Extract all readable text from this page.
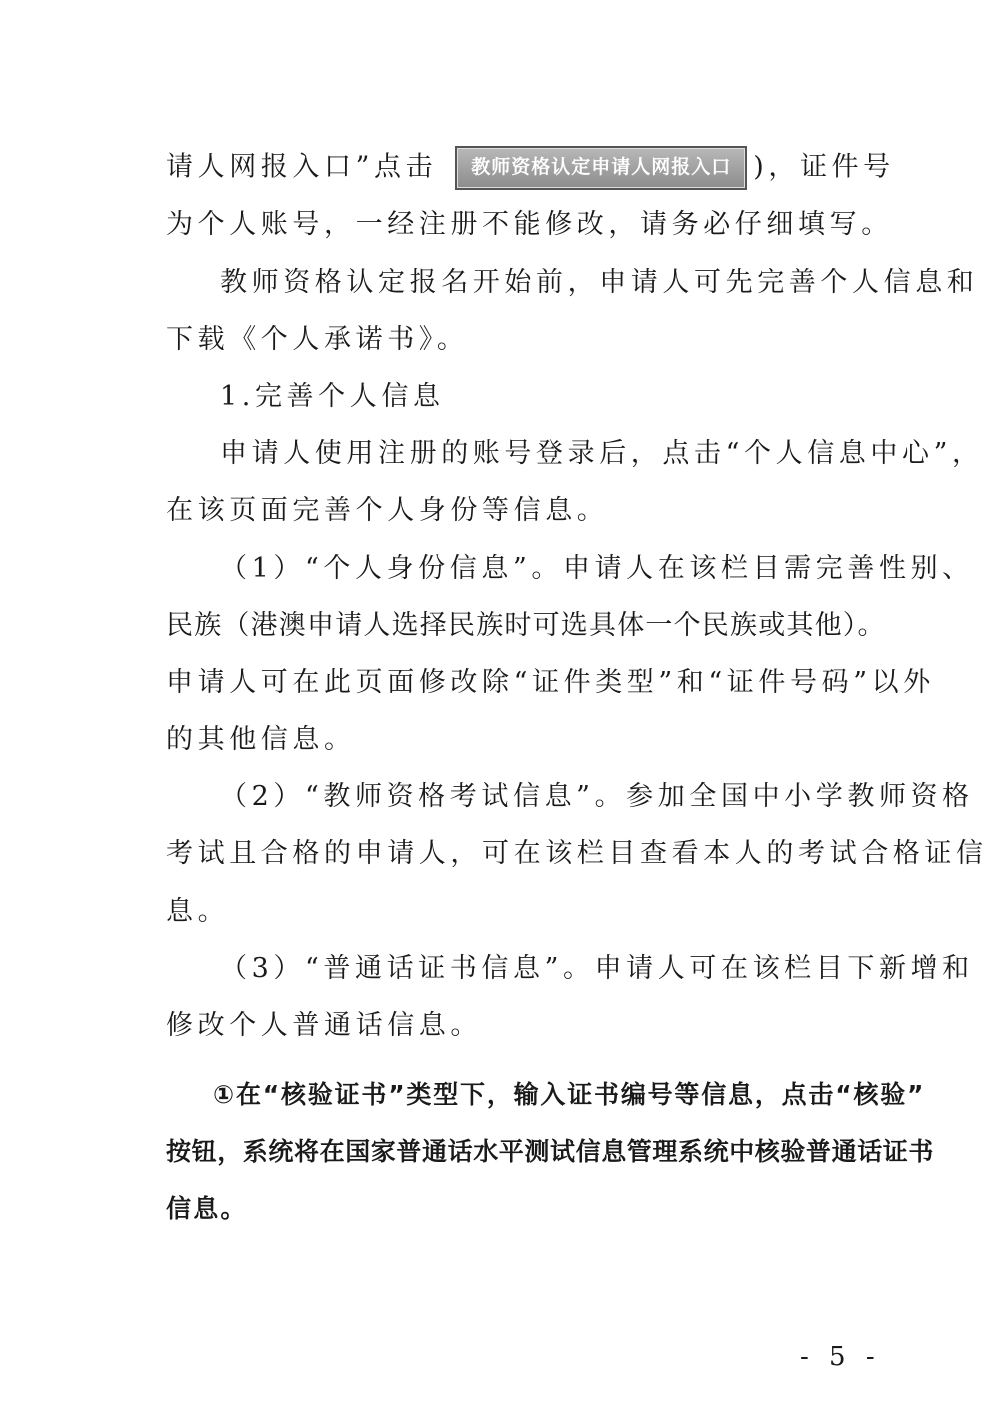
请人网报入口”点击 教师资格认定申请人网报入口 )，证件号
为个人账号，一经注册不能修改，请务必仔细填写。
教师资格认定报名开始前，申请人可先完善个人信息和
下载《个人承诺书》。
1.完善个人信息
申请人使用注册的账号登录后，点击“个人信息中心”，
在该页面完善个人身份等信息。
（1）“个人身份信息”。申请人在该栏目需完善性别、
民族（港澳申请人选择民族时可选具体一个民族或其他）。
申请人可在此页面修改除“证件类型”和“证件号码”以外
的其他信息。
（2）“教师资格考试信息”。参加全国中小学教师资格
考试且合格的申请人，可在该栏目查看本人的考试合格证信
息。
（3）“普通话证书信息”。申请人可在该栏目下新增和
修改个人普通话信息。
①在“核验证书”类型下，输入证书编号等信息，点击“核验”
按钮，系统将在国家普通话水平测试信息管理系统中核验普通话证书
信息。
- 5 -
